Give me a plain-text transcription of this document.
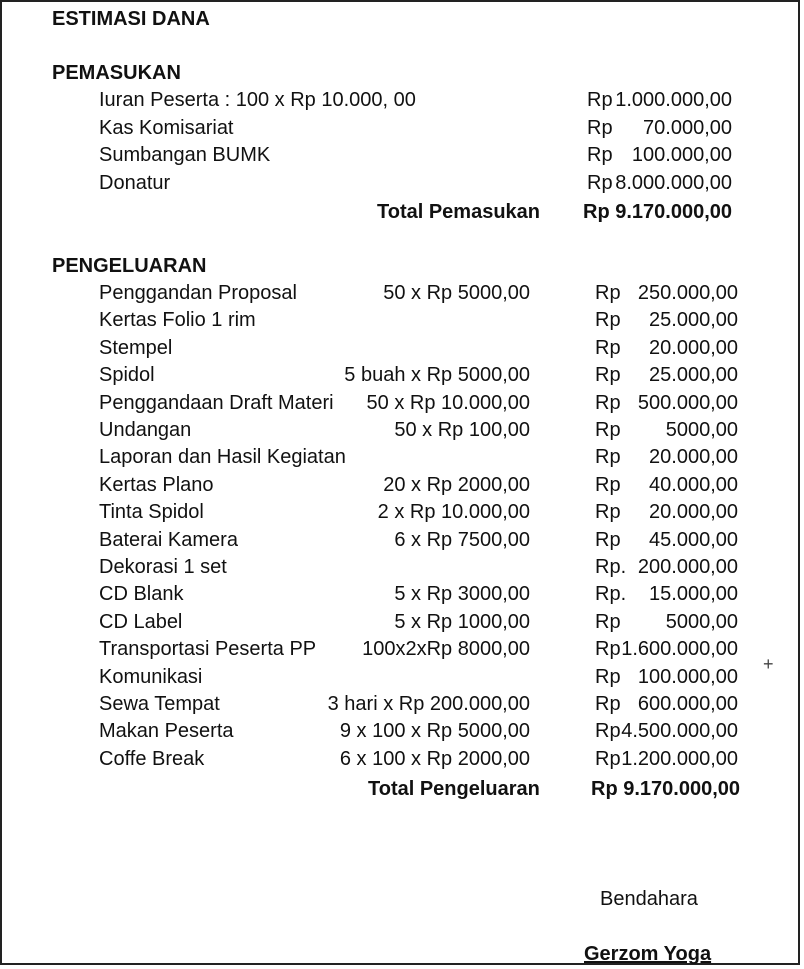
ESTIMASI DANA
PEMASUKAN
Iuran Peserta : 100 x Rp 10.000, 00	Rp 1.000.000,00
Kas Komisariat	Rp 70.000,00
Sumbangan BUMK	Rp 100.000,00
Donatur	Rp 8.000.000,00
Total Pemasukan Rp 9.170.000,00
PENGELUARAN
Penggandan Proposal	50 x Rp 5000,00	Rp 250.000,00
Kertas Folio 1 rim	Rp 25.000,00
Stempel	Rp 20.000,00
Spidol	5 buah x Rp 5000,00	Rp 25.000,00
Penggandaan Draft Materi 50 x Rp 10.000,00	Rp 500.000,00
Undangan	50 x Rp 100,00	Rp 5000,00
Laporan dan Hasil Kegiatan	Rp 20.000,00
Kertas Plano	20 x Rp 2000,00	Rp 40.000,00
Tinta Spidol	2 x Rp 10.000,00	Rp 20.000,00
Baterai Kamera	6 x Rp 7500,00	Rp 45.000,00
Dekorasi 1 set	Rp. 200.000,00
CD Blank	5 x Rp 3000,00	Rp. 15.000,00
CD Label	5 x Rp 1000,00	Rp 5000,00
Transportasi Peserta PP 100x2xRp 8000,00	Rp 1.600.000,00
Komunikasi	Rp 100.000,00
Sewa Tempat	3 hari x Rp 200.000,00	Rp 600.000,00
Makan Peserta	9 x 100 x Rp 5000,00	Rp 4.500.000,00
Coffe Break	6 x 100 x Rp 2000,00	Rp 1.200.000,00
Total Pengeluaran	Rp 9.170.000,00
+
Bendahara
Gerzom Yoga
